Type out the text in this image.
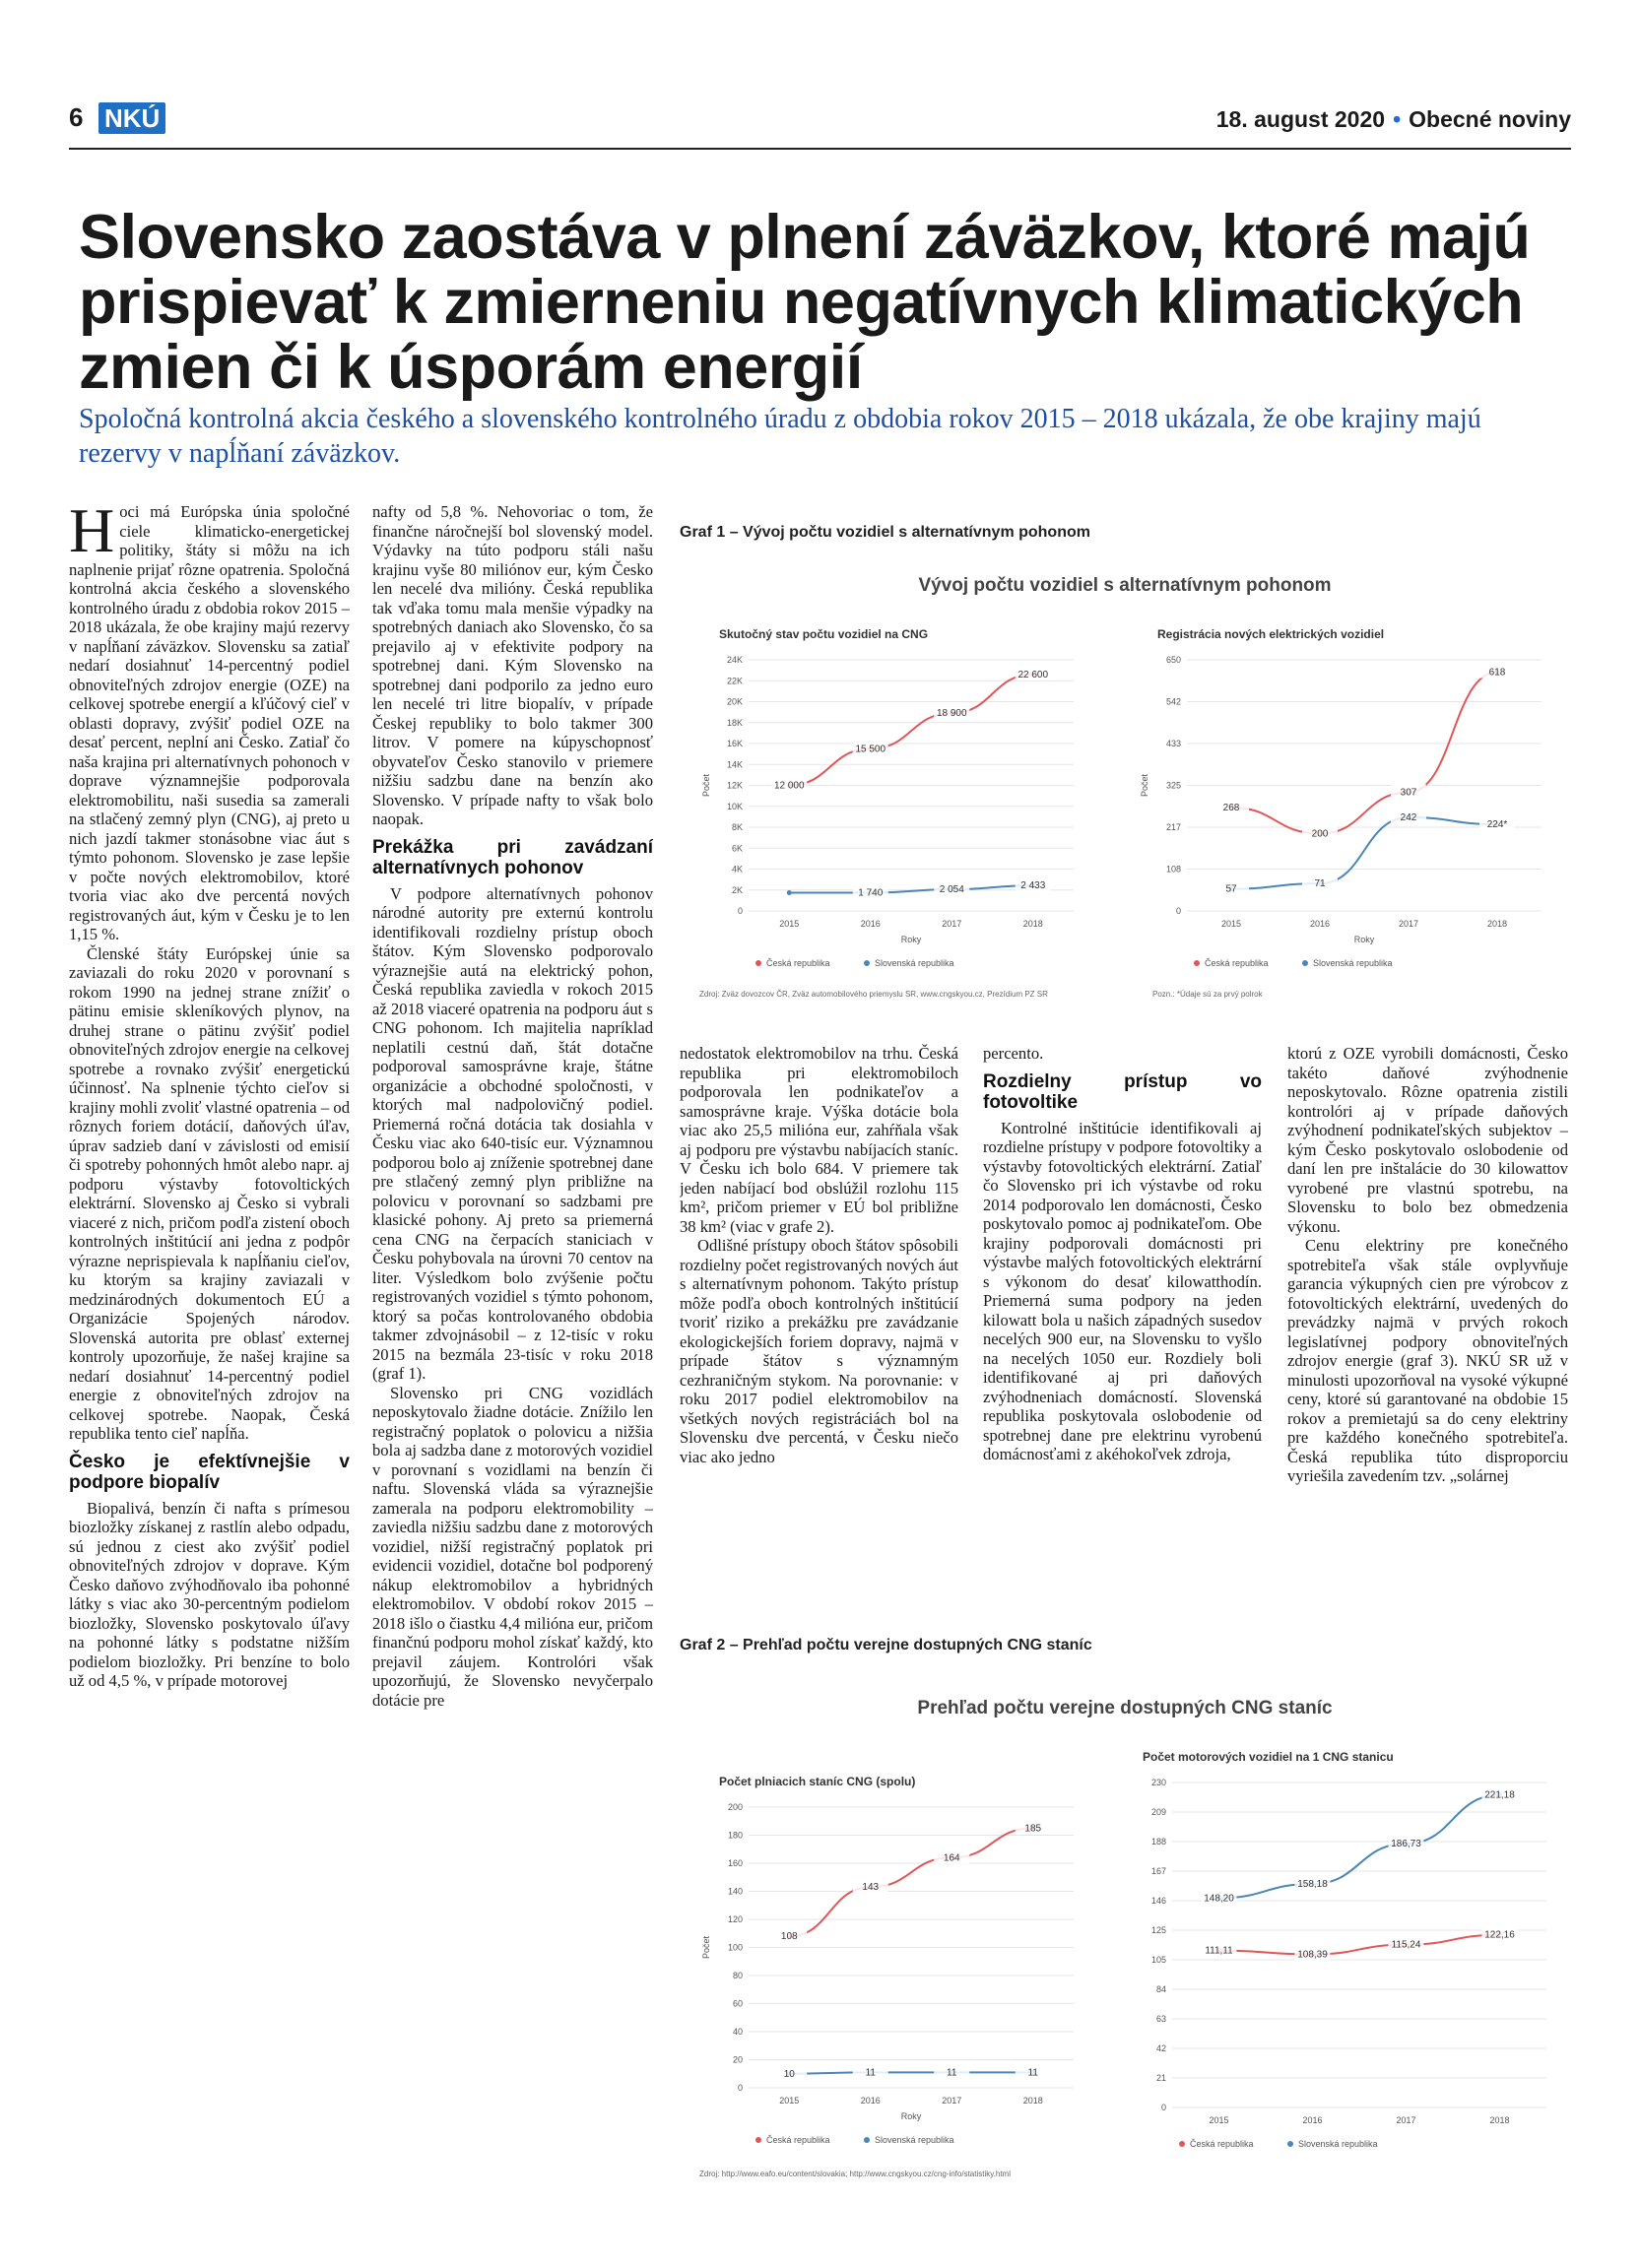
6 NKÚ	18. august 2020 • Obecné noviny
Slovensko zaostáva v plnení záväzkov, ktoré majú prispievať k zmierneniu negatívnych klimatických zmien či k úsporám energií
Spoločná kontrolná akcia českého a slovenského kontrolného úradu z obdobia rokov 2015 – 2018 ukázala, že obe krajiny majú rezervy v napĺňaní záväzkov.

Hoci má Európska únia spoločné ciele klimaticko-energetickej politiky, štáty si môžu na ich naplnenie prijať rôzne opatrenia. Spoločná kontrolná akcia českého a slovenského kontrolného úradu z obdobia rokov 2015 – 2018 ukázala, že obe krajiny majú rezervy v napĺňaní záväzkov. Slovensku sa zatiaľ nedarí dosiahnuť 14-percentný podiel obnoviteľných zdrojov energie (OZE) na celkovej spotrebe energií a kľúčový cieľ v oblasti dopravy, zvýšiť podiel OZE na desať percent, neplní ani Česko. Zatiaľ čo naša krajina pri alternatívnych pohonoch v doprave významnejšie podporovala elektromobilitu, naši susedia sa zamerali na stlačený zemný plyn (CNG), aj preto u nich jazdí takmer stonásobne viac áut s týmto pohonom. Slovensko je zase lepšie v počte nových elektromobilov, ktoré tvoria viac ako dve percentá nových registrovaných áut, kým v Česku je to len 1,15 %.

Členské štáty Európskej únie sa zaviazali do roku 2020 v porovnaní s rokom 1990 na jednej strane znížiť o pätinu emisie skleníkových plynov, na druhej strane o pätinu zvýšiť podiel obnoviteľných zdrojov energie na celkovej spotrebe a rovnako zvýšiť energetickú účinnosť. Na splnenie týchto cieľov si krajiny mohli zvoliť vlastné opatrenia – od rôznych foriem dotácií, daňových úľav, úprav sadzieb daní v závislosti od emisií či spotreby pohonných hmôt alebo napr. aj podporu výstavby fotovoltických elektrární. Slovensko aj Česko si vybrali viaceré z nich, pričom podľa zistení oboch kontrolných inštitúcií ani jedna z podpôr výrazne neprispievala k napĺňaniu cieľov, ku ktorým sa krajiny zaviazali v medzinárodných dokumentoch EÚ a Organizácie Spojených národov. Slovenská autorita pre oblasť externej kontroly upozorňuje, že našej krajine sa nedarí dosiahnuť 14-percentný podiel energie z obnoviteľných zdrojov na celkovej spotrebe. Naopak, Česká republika tento cieľ napĺňa.

Česko je efektívnejšie v podpore biopalív

Biopalivá, benzín či nafta s prímesou biozložky získanej z rastlín alebo odpadu, sú jednou z ciest ako zvýšiť podiel obnoviteľných zdrojov v doprave. Kým Česko daňovo zvýhodňovalo iba pohonné látky s viac ako 30-percentným podielom biozložky, Slovensko poskytovalo úľavy na pohonné látky s podstatne nižším podielom biozložky. Pri benzíne to bolo už od 4,5 %, v prípade motorovej

nafty od 5,8 %. Nehovoriac o tom, že finančne náročnejší bol slovenský model. Výdavky na túto podporu stáli našu krajinu vyše 80 miliónov eur, kým Česko len necelé dva milióny. Česká republika tak vďaka tomu mala menšie výpadky na spotrebných daniach ako Slovensko, čo sa prejavilo aj v efektivite podpory na spotrebnej dani. Kým Slovensko na spotrebnej dani podporilo za jedno euro len necelé tri litre biopalív, v prípade Českej republiky to bolo takmer 300 litrov. V pomere na kúpyschopnosť obyvateľov Česko stanovilo v priemere nižšiu sadzbu dane na benzín ako Slovensko. V prípade nafty to však bolo naopak.

Prekážka pri zavádzaní alternatívnych pohonov

V podpore alternatívnych pohonov národné autority pre externú kontrolu identifikovali rozdielny prístup oboch štátov. Kým Slovensko podporovalo výraznejšie autá na elektrický pohon, Česká republika zaviedla v rokoch 2015 až 2018 viaceré opatrenia na podporu áut s CNG pohonom. Ich majitelia napríklad neplatili cestnú daň, štát dotačne podporoval samosprávne kraje, štátne organizácie a obchodné spoločnosti, v ktorých mal nadpolovičný podiel. Priemerná ročná dotácia tak dosiahla v Česku viac ako 640-tisíc eur. Významnou podporou bolo aj zníženie spotrebnej dane pre stlačený zemný plyn približne na polovicu v porovnaní so sadzbami pre klasické pohony. Aj preto sa priemerná cena CNG na čerpacích staniciach v Česku pohybovala na úrovni 70 centov na liter. Výsledkom bolo zvýšenie počtu registrovaných vozidiel s týmto pohonom, ktorý sa počas kontrolovaného obdobia takmer zdvojnásobil – z 12-tisíc v roku 2015 na bezmála 23-tisíc v roku 2018 (graf 1).

Slovensko pri CNG vozidlách neposkytovalo žiadne dotácie. Znížilo len registračný poplatok o polovicu a nižšia bola aj sadzba dane z motorových vozidiel v porovnaní s vozidlami na benzín či naftu. Slovenská vláda sa výraznejšie zamerala na podporu elektromobility – zaviedla nižšiu sadzbu dane z motorových vozidiel, nižší registračný poplatok pri evidencii vozidiel, dotačne bol podporený nákup elektromobilov a hybridných elektromobilov. V období rokov 2015 – 2018 išlo o čiastku 4,4 milióna eur, pričom finančnú podporu mohol získať každý, kto prejavil záujem. Kontrolóri však upozorňujú, že Slovensko nevyčerpalo dotácie pre

Graf 1 – Vývoj počtu vozidiel s alternatívnym pohonom
Vývoj počtu vozidiel s alternatívnym pohonom
Skutočný stav počtu vozidiel na CNG
0
2K
4K
6K
8K
10K
12K
14K
16K
18K
20K
22K
24K
2015	2016	2017	2018
Roky
Počet	12 000
15 500
18 900
22 600
1 740	2 054	2 433
Česká republika	Slovenská republika
Registrácia nových elektrických vozidiel
0
108
217
325
433
542
650
2015	2016	2017	2018
Roky
Počet
268
200
307
618
57	71
242
224*
Česká republika	Slovenská republika
Zdroj: Zväz dovozcov ČR, Zväz automobilového priemyslu SR, www.cngskyou.cz, Prezídium PZ SR	Pozn.: *Údaje sú za prvý polrok

nedostatok elektromobilov na trhu. Česká republika pri elektromobiloch podporovala len podnikateľov a samosprávne kraje. Výška dotácie bola viac ako 25,5 milióna eur, zahŕňala však aj podporu pre výstavbu nabíjacích staníc. V Česku ich bolo 684. V priemere tak jeden nabíjací bod obslúžil rozlohu 115 km², pričom priemer v EÚ bol približne 38 km² (viac v grafe 2).

Odlišné prístupy oboch štátov spôsobili rozdielny počet registrovaných nových áut s alternatívnym pohonom. Takýto prístup môže podľa oboch kontrolných inštitúcií tvoriť riziko a prekážku pre zavádzanie ekologickejších foriem dopravy, najmä v prípade štátov s významným cezhraničným stykom. Na porovnanie: v roku 2017 podiel elektromobilov na všetkých nových registráciách bol na Slovensku dve percentá, v Česku niečo viac ako jedno

percento.

Rozdielny prístup vo fotovoltike

Kontrolné inštitúcie identifikovali aj rozdielne prístupy v podpore fotovoltiky a výstavby fotovoltických elektrární. Zatiaľ čo Slovensko pri ich výstavbe od roku 2014 podporovalo len domácnosti, Česko poskytovalo pomoc aj podnikateľom. Obe krajiny podporovali domácnosti pri výstavbe malých fotovoltických elektrární s výkonom do desať kilowatthodín. Priemerná suma podpory na jeden kilowatt bola u našich západných susedov necelých 900 eur, na Slovensku to vyšlo na necelých 1050 eur. Rozdiely boli identifikované aj pri daňových zvýhodneniach domácností. Slovenská republika poskytovala oslobodenie od spotrebnej dane pre elektrinu vyrobenú domácnosťami z akéhokoľvek zdroja,

ktorú z OZE vyrobili domácnosti, Česko takéto daňové zvýhodnenie neposkytovalo. Rôzne opatrenia zistili kontrolóri aj v prípade daňových zvýhodnení podnikateľských subjektov – kým Česko poskytovalo oslobodenie od daní len pre inštalácie do 30 kilowattov vyrobené pre vlastnú spotrebu, na Slovensku to bolo bez obmedzenia výkonu.

Cenu elektriny pre konečného spotrebiteľa však stále ovplyvňuje garancia výkupných cien pre výrobcov z fotovoltických elektrární, uvedených do prevádzky najmä v prvých rokoch legislatívnej podpory obnoviteľných zdrojov energie (graf 3). NKÚ SR už v minulosti upozorňoval na vysoké výkupné ceny, ktoré sú garantované na obdobie 15 rokov a premietajú sa do ceny elektriny pre každého konečného spotrebiteľa. Česká republika túto disproporciu vyriešila zavedením tzv. „solárnej

Graf 2 – Prehľad počtu verejne dostupných CNG staníc
Prehľad počtu verejne dostupných CNG staníc
Počet plniacich staníc CNG (spolu)
0
20
40
60
80
100
120
140
160
180
200
2015	2016	2017	2018
Roky
Počet	108
143
164
185
10	11	11	11
Česká republika	Slovenská republika
Počet motorových vozidiel na 1 CNG stanicu
0
21
42
63
84
105
125
146
167
188
209
230
2015	2016	2017	2018
111,11	108,39
115,24
122,16
148,20
158,18
186,73
221,18
Česká republika	Slovenská republika
Zdroj: http://www.eafo.eu/content/slovakia; http://www.cngskyou.cz/cng-info/statistiky.html
